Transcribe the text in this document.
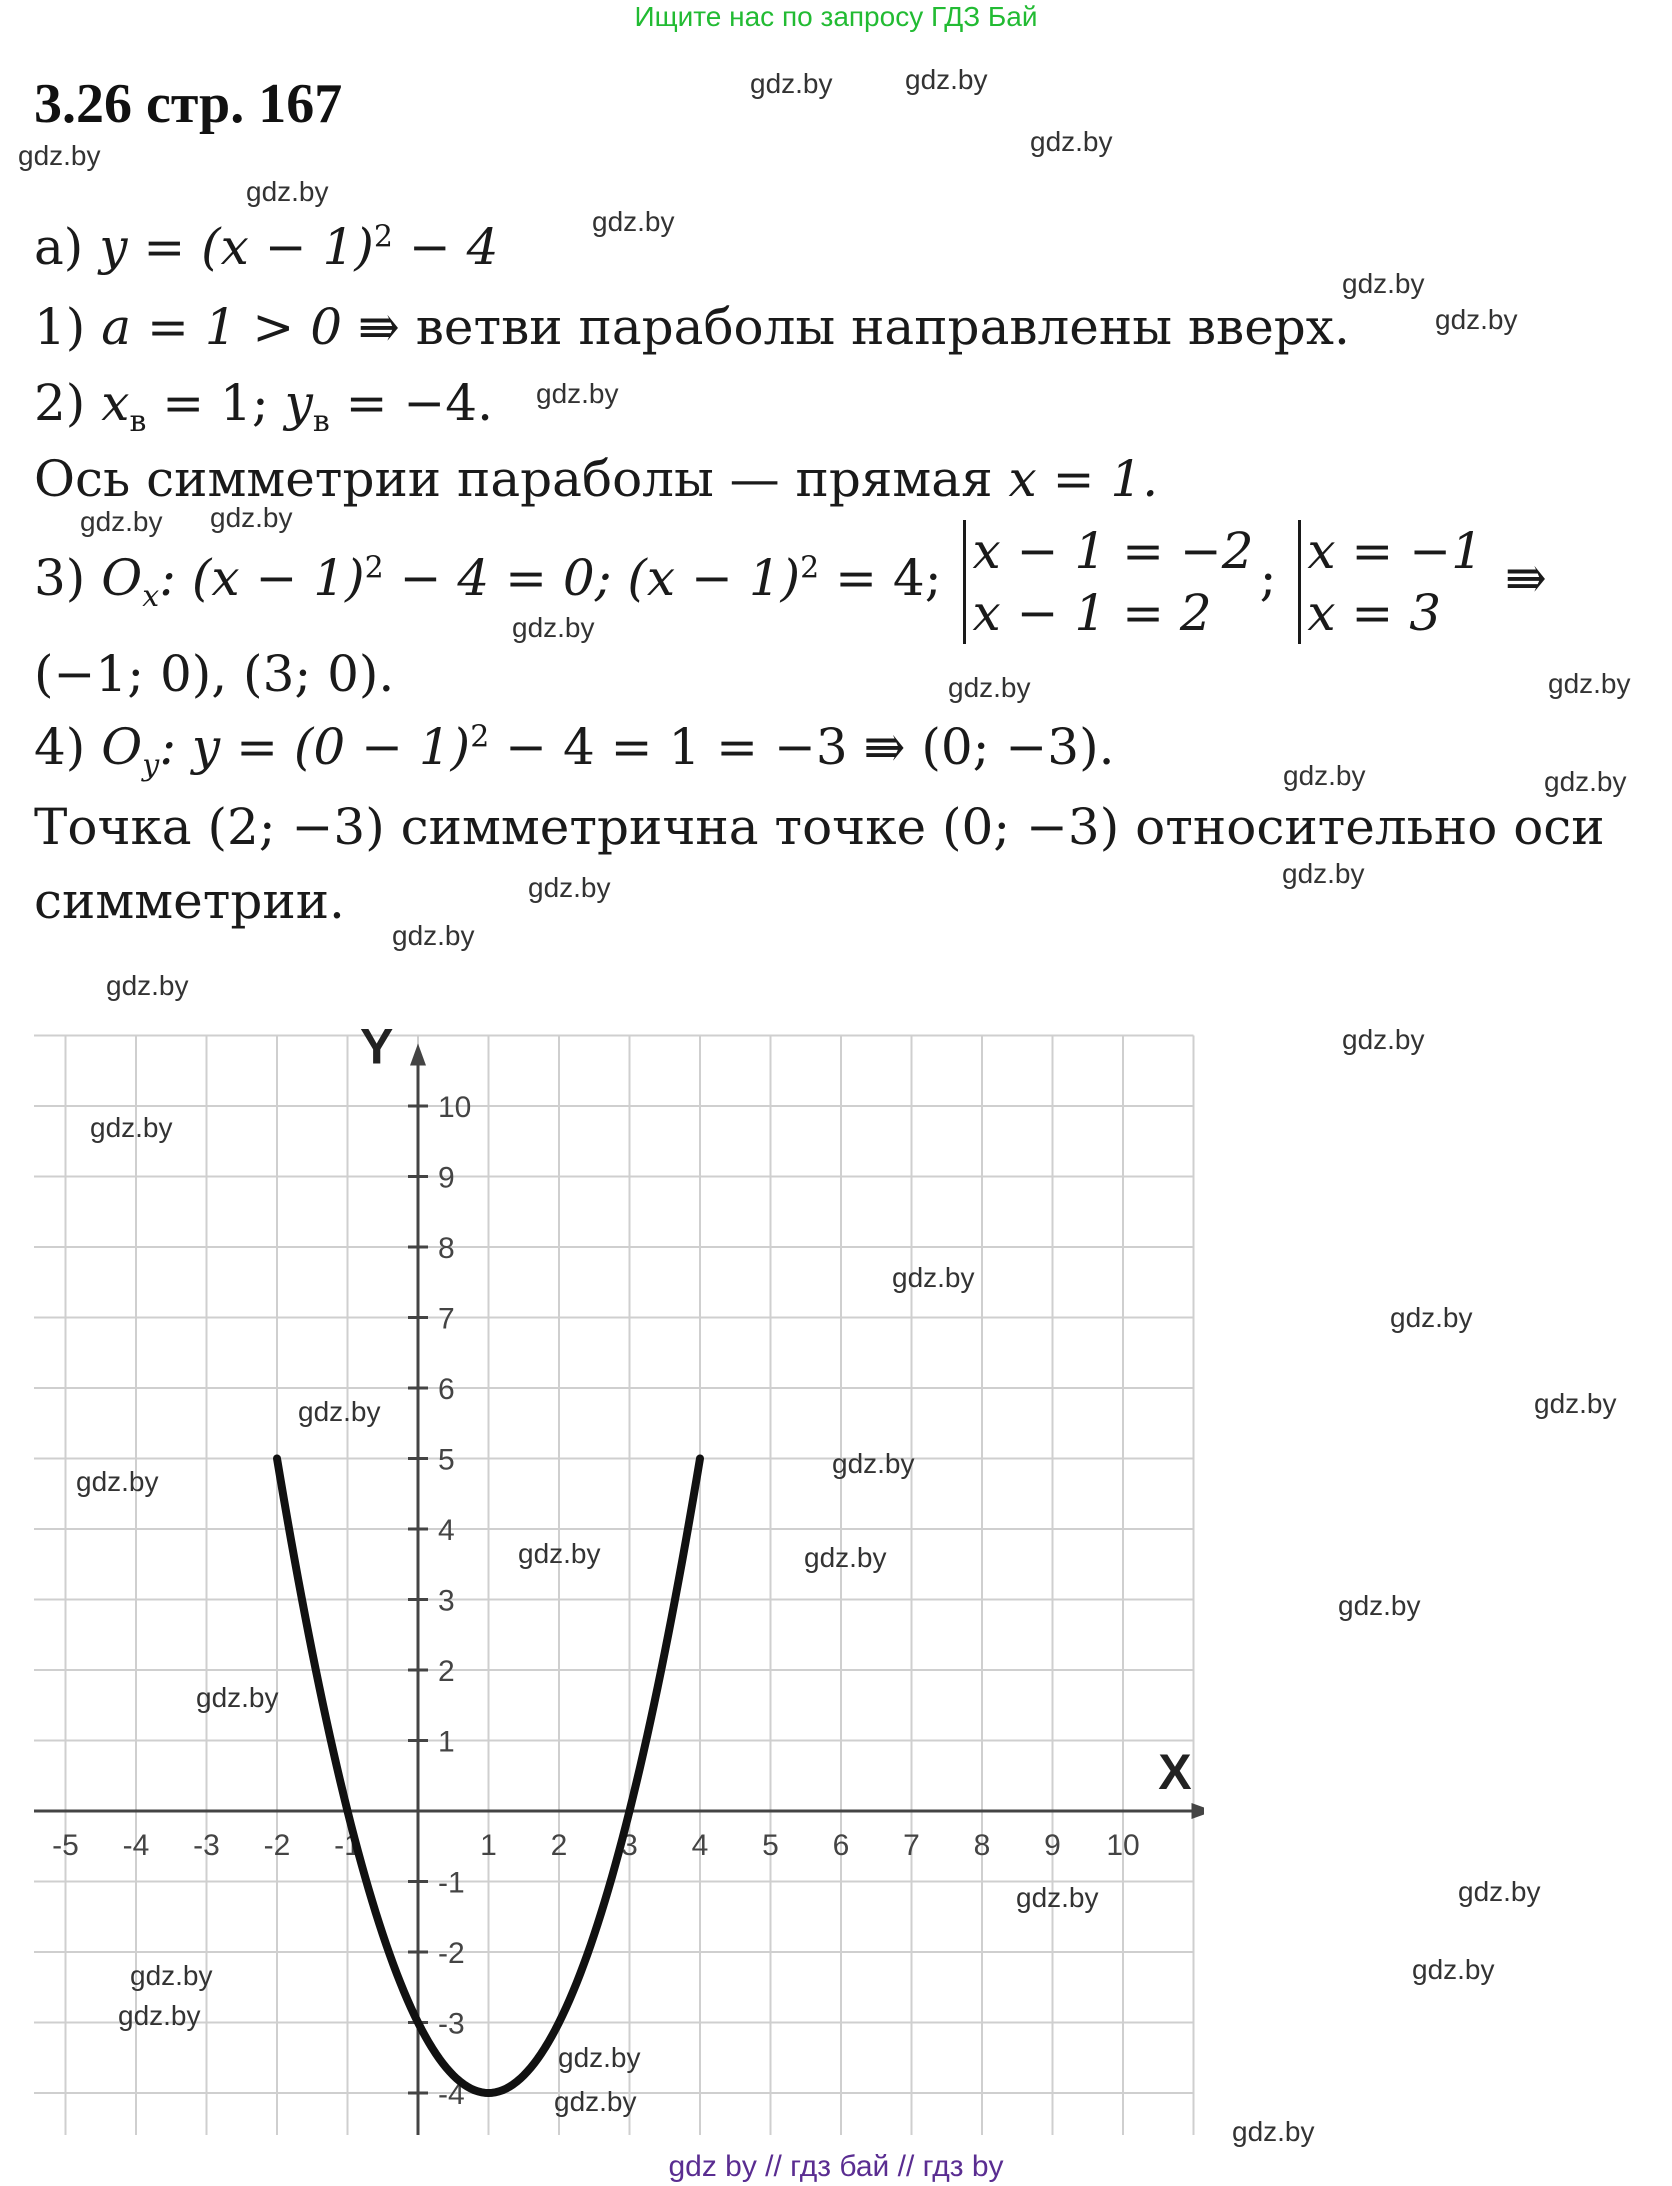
Ищите нас по запросу ГДЗ Бай
3.26 стр. 167
а) $y = (x - 1)^2 - 4$
1) a = 1 > 0 ⇛ ветви параболы направлены вверх.
2) $x_в = 1$; $y_в = -4$.
Ось симметрии параболы — прямая x = 1.
3) $O_x$: $(x - 1)^2 - 4 = 0$; $(x - 1)^2 = 4$; x − 1 = −2
x − 1 = 2
; x = −1
x = 3
⇛
(−1; 0), (3; 0).
4) $O_y$: $y = (0 - 1)^2 - 4 = 1 = -3$ ⇛ (0; −3).
Точка (2; −3) симметрична точке (0; −3) относительно оси
симметрии.
X
Y
-5 -4 -3 -2 -1	1 2 3 4 5 6 7 8 9 10
-4
-3
-2
-1
1
2
3
4
5
6
7
8
9
10
gdz.by	gdz.by
gdz.by	gdz.by
gdz.by
gdz.by
gdz.by
gdz.by
gdz.by
gdz.by gdz.by
gdz.by
gdz.by	gdz.by
gdz.by	gdz.by
gdz.by	gdz.by
gdz.by
gdz.by
gdz.by
gdz.by
gdz.by
gdz.by
gdz.by
gdz.by
gdz.by
gdz.by
gdz.by	gdz.by
gdz.by
gdz.by
gdz.by	gdz.by
gdz.by
gdz.by
gdz.by
gdz.by
gdz.by
gdz.by
gdz by // гдз бай // гдз by
